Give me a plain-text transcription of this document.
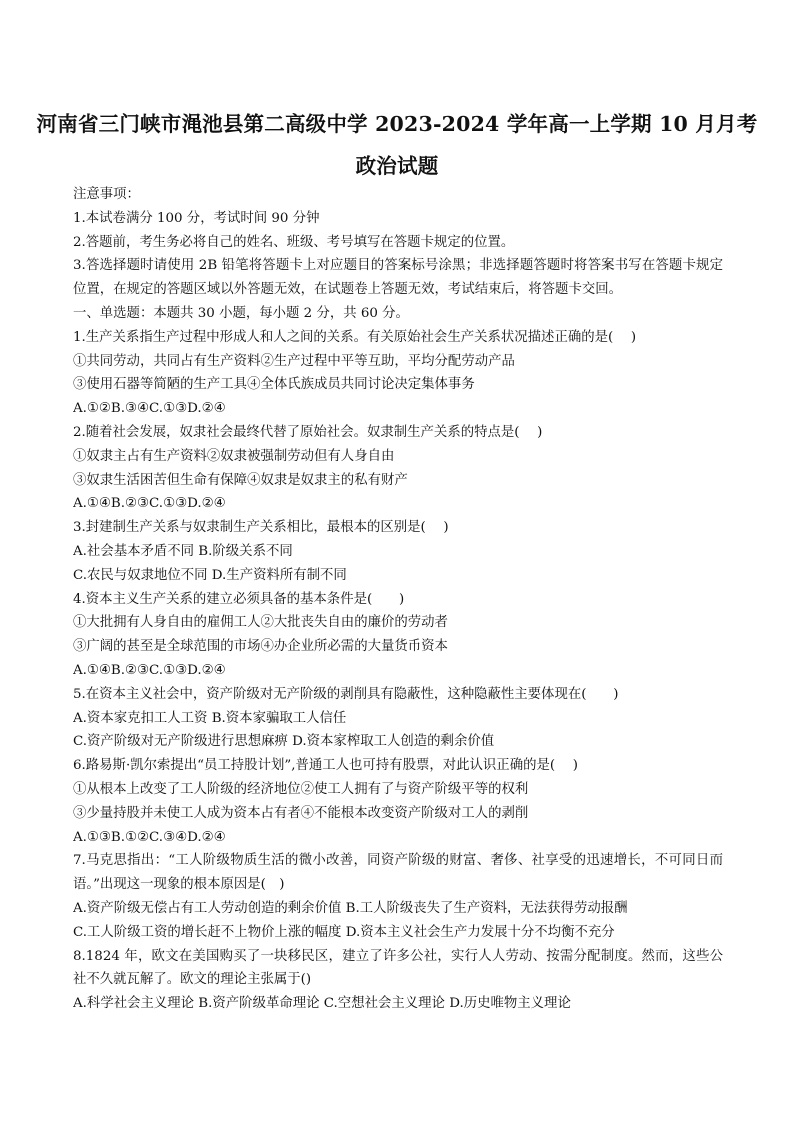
河南省三门峡市渑池县第二高级中学 2023-2024 学年高一上学期 10 月月考
政治试题
注意事项：
1.本试卷满分 100 分，考试时间 90 分钟
2.答题前，考生务必将自己的姓名、班级、考号填写在答题卡规定的位置。
3.答选择题时请使用 2B 铅笔将答题卡上对应题目的答案标号涂黑；非选择题答题时将答案书写在答题卡规定位置，在规定的答题区域以外答题无效，在试题卷上答题无效，考试结束后，将答题卡交回。
一、单选题：本题共 30 小题，每小题 2 分，共 60 分。
1.生产关系指生产过程中形成人和人之间的关系。有关原始社会生产关系状况描述正确的是(　 )
①共同劳动，共同占有生产资料②生产过程中平等互助，平均分配劳动产品
③使用石器等简陋的生产工具④全体氏族成员共同讨论决定集体事务
A.①②B.③④C.①③D.②④
2.随着社会发展，奴隶社会最终代替了原始社会。奴隶制生产关系的特点是(　 )
①奴隶主占有生产资料②奴隶被强制劳动但有人身自由
③奴隶生活困苦但生命有保障④奴隶是奴隶主的私有财产
A.①④B.②③C.①③D.②④
3.封建制生产关系与奴隶制生产关系相比，最根本的区别是(　 )
A.社会基本矛盾不同 B.阶级关系不同
C.农民与奴隶地位不同 D.生产资料所有制不同
4.资本主义生产关系的建立必须具备的基本条件是(　　)
①大批拥有人身自由的雇佣工人②大批丧失自由的廉价的劳动者
③广阔的甚至是全球范围的市场④办企业所必需的大量货币资本
A.①④B.②③C.①③D.②④
5.在资本主义社会中，资产阶级对无产阶级的剥削具有隐蔽性，这种隐蔽性主要体现在(　　)
A.资本家克扣工人工资 B.资本家骗取工人信任
C.资产阶级对无产阶级进行思想麻痹 D.资本家榨取工人创造的剩余价值
6.路易斯·凯尔索提出“员工持股计划”,普通工人也可持有股票，对此认识正确的是(　 )
①从根本上改变了工人阶级的经济地位②使工人拥有了与资产阶级平等的权利
③少量持股并未使工人成为资本占有者④不能根本改变资产阶级对工人的剥削
A.①③B.①②C.③④D.②④
7.马克思指出：“工人阶级物质生活的微小改善，同资产阶级的财富、奢侈、社享受的迅速增长，不可同日而语。”出现这一现象的根本原因是(　)
A.资产阶级无偿占有工人劳动创造的剩余价值 B.工人阶级丧失了生产资料，无法获得劳动报酬
C.工人阶级工资的增长赶不上物价上涨的幅度 D.资本主义社会生产力发展十分不均衡不充分
8.1824 年，欧文在美国购买了一块移民区，建立了许多公社，实行人人劳动、按需分配制度。然而，这些公社不久就瓦解了。欧文的理论主张属于()
A.科学社会主义理论 B.资产阶级革命理论 C.空想社会主义理论 D.历史唯物主义理论
